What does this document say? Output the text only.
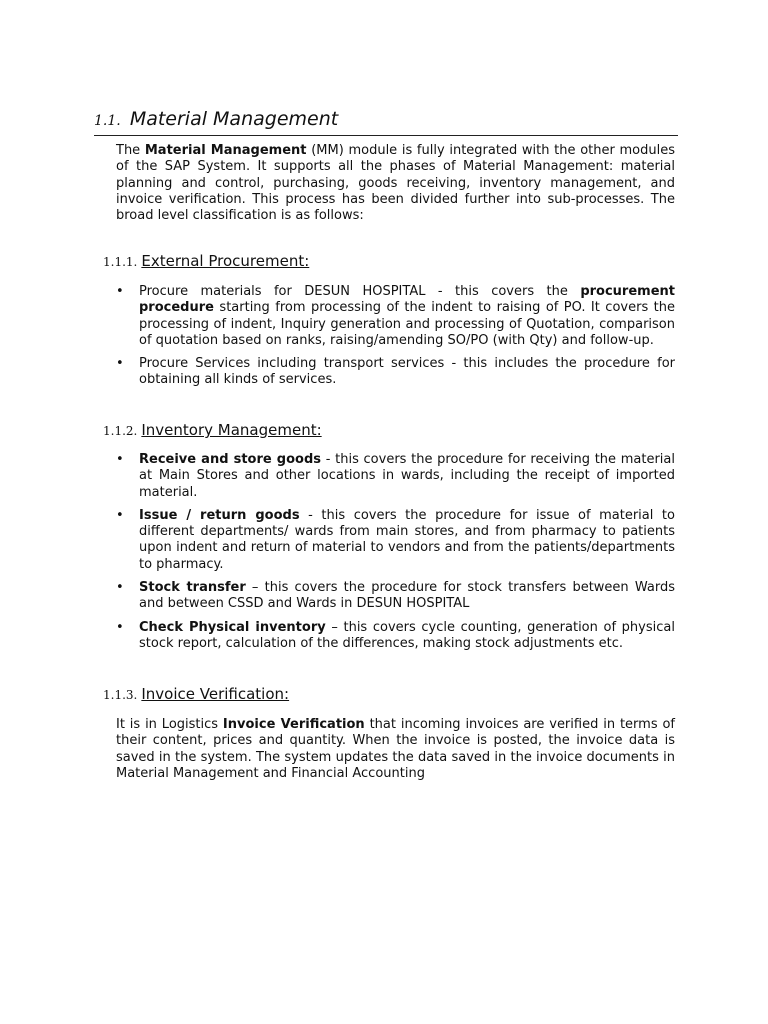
1.1. Material Management

The Material Management (MM) module is fully integrated with the other modules of the SAP System. It supports all the phases of Material Management: material planning and control, purchasing, goods receiving, inventory management, and invoice verification. This process has been divided further into sub-processes. The broad level classification is as follows:

1.1.1. External Procurement:
• Procure materials for DESUN HOSPITAL - this covers the procurement procedure starting from processing of the indent to raising of PO. It covers the processing of indent, Inquiry generation and processing of Quotation, comparison of quotation based on ranks, raising/amending SO/PO (with Qty) and follow-up.
• Procure Services including transport services - this includes the procedure for obtaining all kinds of services.
1.1.2. Inventory Management:
• Receive and store goods - this covers the procedure for receiving the material at Main Stores and other locations in wards, including the receipt of imported material.
• Issue / return goods - this covers the procedure for issue of material to different departments/ wards from main stores, and from pharmacy to patients upon indent and return of material to vendors and from the patients/departments to pharmacy.
• Stock transfer – this covers the procedure for stock transfers between Wards and between CSSD and Wards in DESUN HOSPITAL
• Check Physical inventory – this covers cycle counting, generation of physical stock report, calculation of the differences, making stock adjustments etc.
1.1.3. Invoice Verification:

It is in Logistics Invoice Verification that incoming invoices are verified in terms of their content, prices and quantity. When the invoice is posted, the invoice data is saved in the system. The system updates the data saved in the invoice documents in Material Management and Financial Accounting
